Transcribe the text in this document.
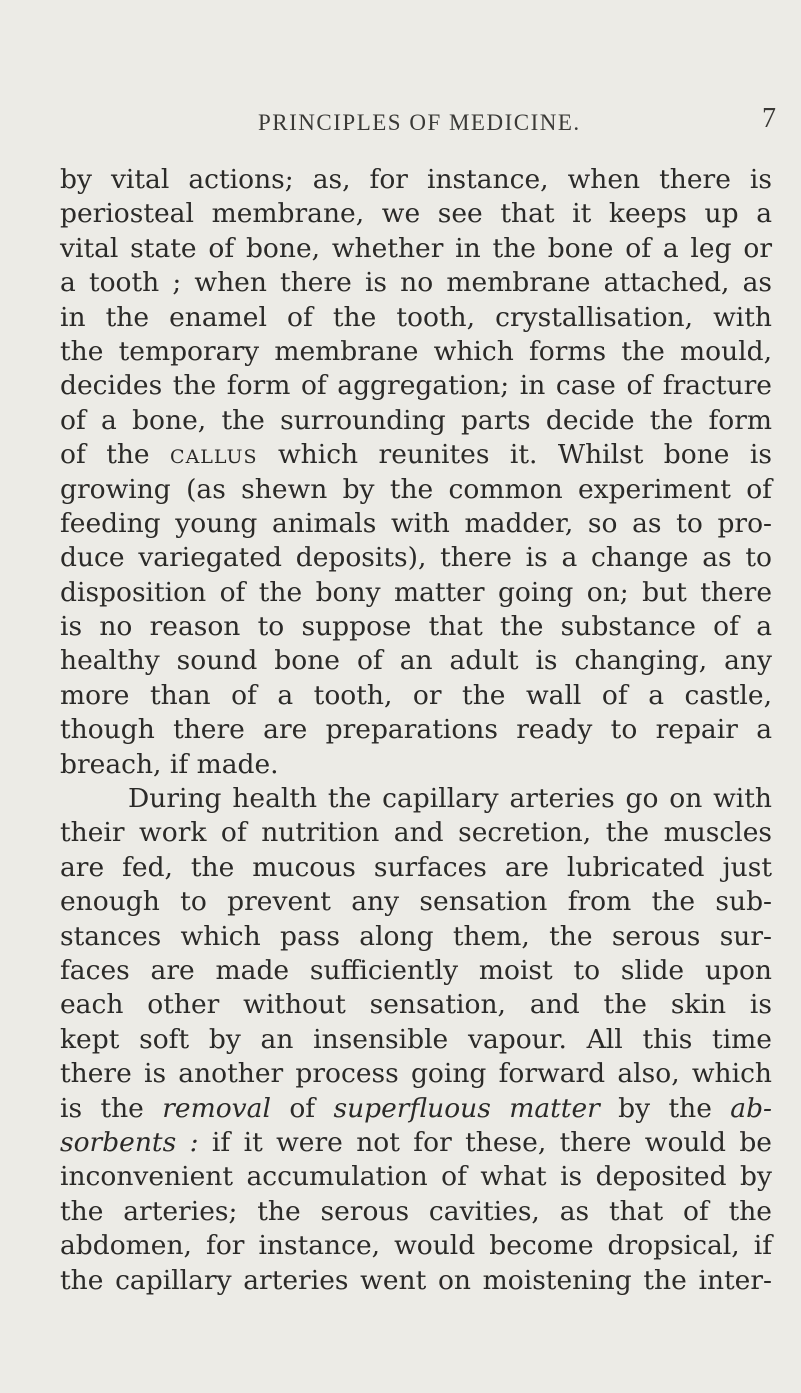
PRINCIPLES OF MEDICINE.	7
by vital actions; as, for instance, when there is
periosteal membrane, we see that it keeps up a
vital state of bone, whether in the bone of a leg or
a tooth ; when there is no membrane attached, as
in the enamel of the tooth, crystallisation, with
the temporary membrane which forms the mould,
decides the form of aggregation; in case of fracture
of a bone, the surrounding parts decide the form
of the callus which reunites it. Whilst bone is
growing (as shewn by the common experiment of
feeding young animals with madder, so as to pro-
duce variegated deposits), there is a change as to
disposition of the bony matter going on; but there
is no reason to suppose that the substance of a
healthy sound bone of an adult is changing, any
more than of a tooth, or the wall of a castle,
though there are preparations ready to repair a
breach, if made.
During health the capillary arteries go on with
their work of nutrition and secretion, the muscles
are fed, the mucous surfaces are lubricated just
enough to prevent any sensation from the sub-
stances which pass along them, the serous sur-
faces are made sufficiently moist to slide upon
each other without sensation, and the skin is
kept soft by an insensible vapour. All this time
there is another process going forward also, which
is the removal of superfluous matter by the ab-
sorbents : if it were not for these, there would be
inconvenient accumulation of what is deposited by
the arteries; the serous cavities, as that of the
abdomen, for instance, would become dropsical, if
the capillary arteries went on moistening the inter-
